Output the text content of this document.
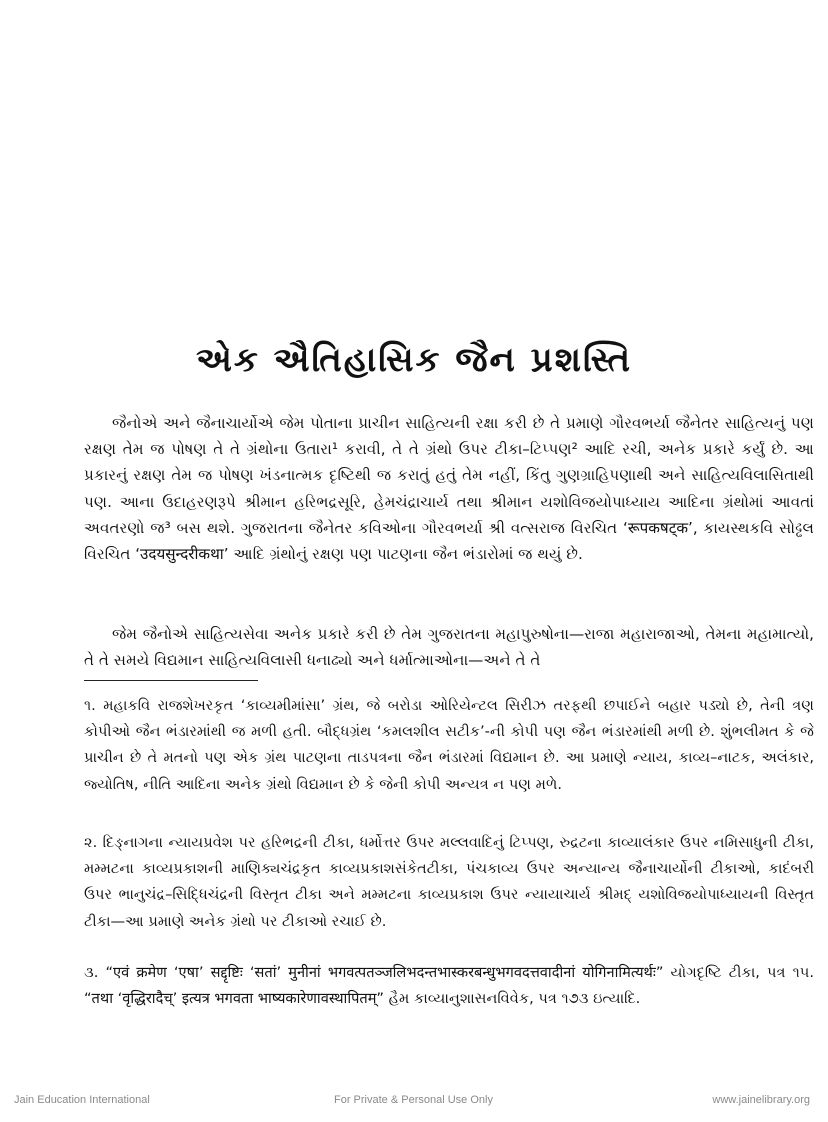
એક ઐતિહાસિક જૈન પ્રશસ્તિ

જૈનોએ અને જૈનાચાર્યોએ જેમ પોતાના પ્રાચીન સાહિત્યની રક્ષા કરી છે તે પ્રમાણે ગૌરવભર્યા જૈનેતર સાહિત્યનું પણ રક્ષણ તેમ જ પોષણ તે તે ગ્રંથોના ઉતારા¹ કરાવી, તે તે ગ્રંથો ઉપર ટીકા–ટિપ્પણ² આદિ રચી, અનેક પ્રકારે કર્યું છે. આ પ્રકારનું રક્ષણ તેમ જ પોષણ ખંડનાત્મક દૃષ્ટિથી જ કરાતું હતું તેમ નહીં, કિંતુ ગુણગ્રાહિપણાથી અને સાહિત્યવિલાસિતાથી પણ. આના ઉદાહરણરૂપે શ્રીમાન હરિભદ્રસૂરિ, હેમચંદ્રાચાર્ય તથા શ્રીમાન યશોવિજયોપાધ્યાય આદિના ગ્રંથોમાં આવતાં અવતરણો જ³ બસ થશે. ગુજરાતના જૈનેતર કવિઓના ગૌરવભર્યા શ્રી વત્સરાજ વિરચિત ‘रूपकषट्क’, કાયસ્થકવિ સોઢ્ઢલ વિરચિત ‘उदयसुन्दरीकथा’ આદિ ગ્રંથોનું રક્ષણ પણ પાટણના જૈન ભંડારોમાં જ થયું છે.

જેમ જૈનોએ સાહિત્યસેવા અનેક પ્રકારે કરી છે તેમ ગુજરાતના મહાપુરુષોના—રાજા મહારાજાઓ, તેમના મહામાત્યો, તે તે સમયે વિદ્યમાન સાહિત્યવિલાસી ધનાઢ્યો અને ધર્માત્માઓના—અને તે તે

૧. મહાકવિ રાજશેખરકૃત ‘કાવ્યમીમાંસા’ ગ્રંથ, જે બરોડા ઓરિયેન્ટલ સિરીઝ તરફથી છપાઈને બહાર પડ્યો છે, તેની ત્રણ કોપીઓ જૈન ભંડારમાંથી જ મળી હતી. બૌદ્ધગ્રંથ ‘કમલશીલ સટીક’-ની કોપી પણ જૈન ભંડારમાંથી મળી છે. શુંભલીમત કે જે પ્રાચીન છે તે મતનો પણ એક ગ્રંથ પાટણના તાડપત્રના જૈન ભંડારમાં વિદ્યમાન છે. આ પ્રમાણે ન્યાય, કાવ્ય–નાટક, અલંકાર, જ્યોતિષ, નીતિ આદિના અનેક ગ્રંથો વિદ્યમાન છે કે જેની કોપી અન્યત્ર ન પણ મળે.

૨. દિઙ્નાગના ન્યાયપ્રવેશ પર હરિભદ્રની ટીકા, ધર્મોત્તર ઉપર મલ્લવાદિનું ટિપ્પણ, રુદ્રટના કાવ્યાલંકાર ઉપર નમિસાધુની ટીકા, મમ્મટના કાવ્યપ્રકાશની માણિક્યચંદ્રકૃત કાવ્યપ્રકાશસંકેતટીકા, પંચકાવ્ય ઉપર અન્યાન્ય જૈનાચાર્યોની ટીકાઓ, કાદંબરી ઉપર ભાનુચંદ્ર–સિદ્ધિચંદ્રની વિસ્તૃત ટીકા અને મમ્મટના કાવ્યપ્રકાશ ઉપર ન્યાયાચાર્ય શ્રીમદ્ યશોવિજયોપાધ્યાયની વિસ્તૃત ટીકા—આ પ્રમાણે અનેક ગ્રંથો પર ટીકાઓ રચાઈ છે.

૩. “एवं क्रमेण ‘एषा’ सद्दृष्टिः ‘सतां’ मुनीनां भगवत्पतञ्जलिभदन्तभास्करबन्धुभगवदत्तवादीनां योगिनामित्यर्थः” યોગદૃષ્ટિ ટીકા, પત્ર ૧૫. “तथा ‘वृद्धिरादैच्’ इत्यत्र भगवता भाष्यकारेणावस्थापितम्” હૈમ કાવ્યાનુશાસનવિવેક, પત્ર ૧૭૩ ઇત્યાદિ.

Jain Education International	For Private & Personal Use Only	www.jainelibrary.org
